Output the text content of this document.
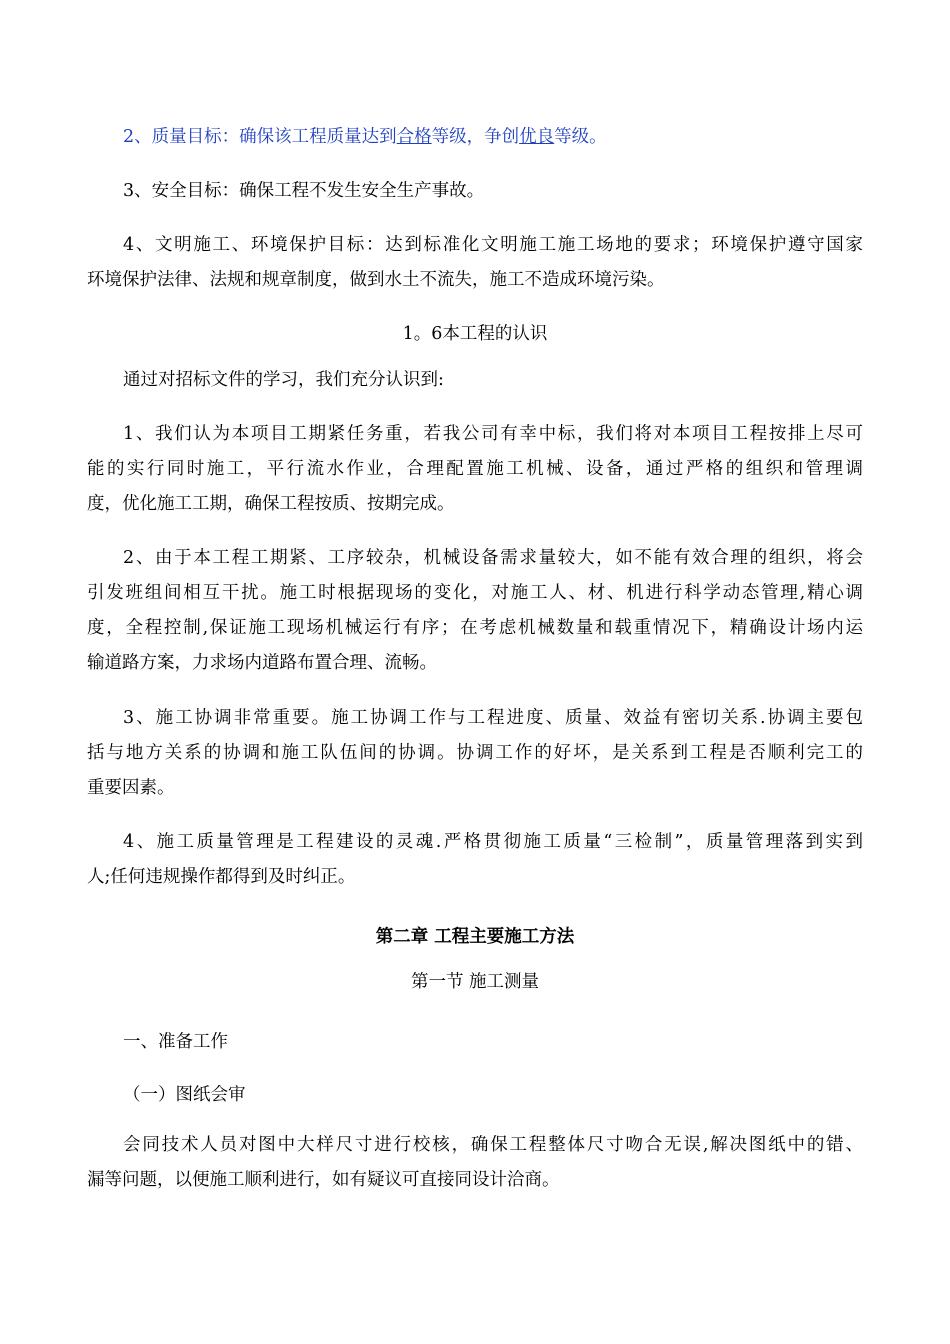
2、质量目标：确保该工程质量达到合格等级，争创优良等级。
3、安全目标：确保工程不发生安全生产事故。
4、文明施工、环境保护目标：达到标准化文明施工施工场地的要求；环境保护遵守国家
环境保护法律、法规和规章制度，做到水土不流失，施工不造成环境污染。
1。6本工程的认识
通过对招标文件的学习，我们充分认识到:
1、我们认为本项目工期紧任务重，若我公司有幸中标，我们将对本项目工程按排上尽可
能的实行同时施工，平行流水作业，合理配置施工机械、设备，通过严格的组织和管理调
度，优化施工工期，确保工程按质、按期完成。
2、由于本工程工期紧、工序较杂，机械设备需求量较大，如不能有效合理的组织，将会
引发班组间相互干扰。施工时根据现场的变化，对施工人、材、机进行科学动态管理,精心调
度，全程控制,保证施工现场机械运行有序；在考虑机械数量和载重情况下，精确设计场内运
输道路方案，力求场内道路布置合理、流畅。
3、施工协调非常重要。施工协调工作与工程进度、质量、效益有密切关系.协调主要包
括与地方关系的协调和施工队伍间的协调。协调工作的好坏，是关系到工程是否顺利完工的
重要因素。
4、施工质量管理是工程建设的灵魂.严格贯彻施工质量“三检制”，质量管理落到实到
人;任何违规操作都得到及时纠正。
第二章 工程主要施工方法
第一节 施工测量
一、准备工作
（一）图纸会审
会同技术人员对图中大样尺寸进行校核，确保工程整体尺寸吻合无误,解决图纸中的错、
漏等问题，以便施工顺利进行，如有疑议可直接同设计洽商。
